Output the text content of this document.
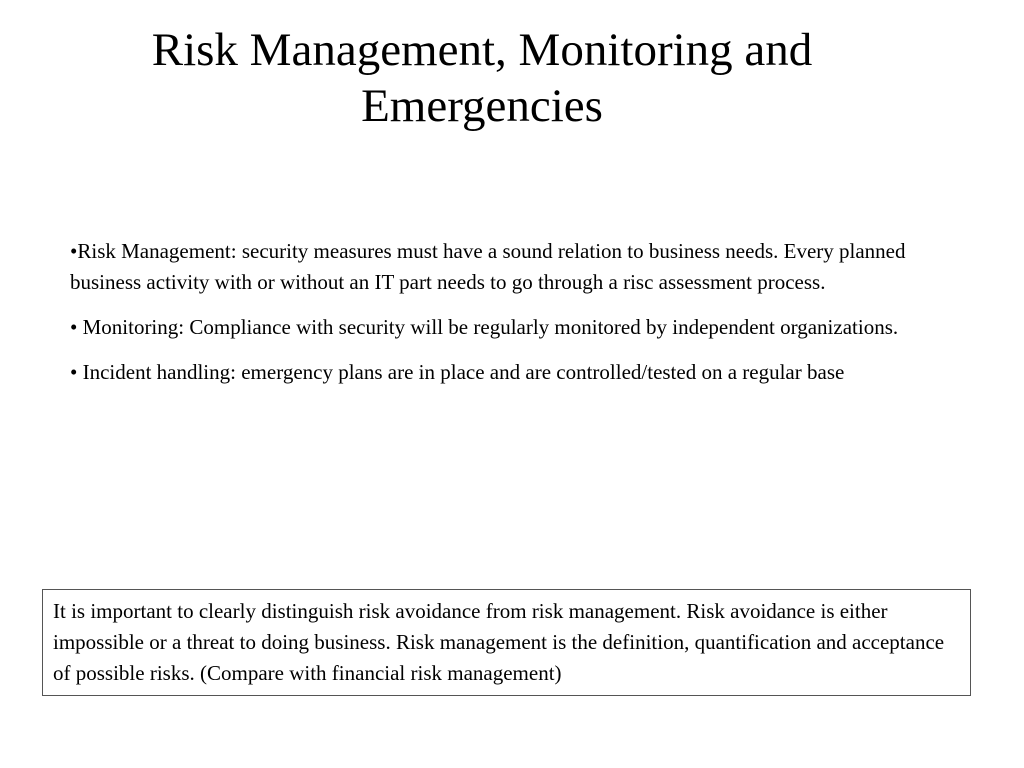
Risk Management, Monitoring and
Emergencies

•Risk Management: security measures must have a sound relation to business needs. Every planned business activity with or without an IT part needs to go through a risc assessment process.

• Monitoring: Compliance with security will be regularly monitored by independent organizations.

• Incident handling: emergency plans are in place and are controlled/tested on a regular base

It is important to clearly distinguish risk avoidance from risk management. Risk avoidance is either impossible or a threat to doing business. Risk management is the definition, quantification and acceptance of possible risks. (Compare with financial risk management)
